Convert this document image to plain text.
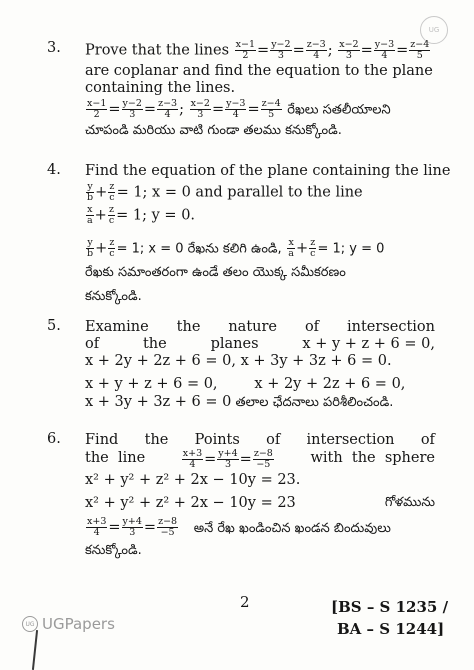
UG
3. Prove that the lines $\frac{x-1}{2} = \frac{y-2}{3} = \frac{z-3}{4}$ ; $\frac{x-2}{3} = \frac{y-3}{4} = \frac{z-4}{5}$
are coplanar and find the equation to the plane
containing the lines.
$\frac{x-1}{2} = \frac{y-2}{3} = \frac{z-3}{4}$ ; $\frac{x-2}{3} = \frac{y-3}{4} = \frac{z-4}{5}$ రేఖలు సతలీయాలని
చూపండి మరియు వాటి గుండా తలము కనుక్కోండి.
4. Find the equation of the plane containing the line
$\frac{y}{b} + \frac{z}{c} = 1$; x = 0 and parallel to the line
$\frac{x}{a} + \frac{z}{c} = 1$; y = 0.
$\frac{y}{b} + \frac{z}{c} = 1$; x = 0 రేఖను కలిగి ఉండి, $\frac{x}{a} + \frac{z}{c} = 1$; y = 0
రేఖకు సమాంతరంగా ఉండే తలం యొక్క సమీకరణం
కనుక్కోండి.
5. Examine the nature of intersection
of	the	planes	x + y + z + 6 = 0,
x + 2y + 2z + 6 = 0, x + 3y + 3z + 6 = 0.
x + y + z + 6 = 0,        x + 2y + 2z + 6 = 0,
x + 3y + 3z + 6 = 0 తలాల ఛేదనాలు పరిశీలించండి.
6. Find the Points of intersection of
the  line	$\frac{x+3}{4} = \frac{y+4}{3} = \frac{z-8}{-5}$	with  the  sphere
x² + y² + z² + 2x − 10y = 23.
x² + y² + z² + 2x − 10y = 23	గోళమును
$\frac{x+3}{4} = \frac{y+4}{3} = \frac{z-8}{-5}$ అనే రేఖ ఖండించిన ఖండన బిందువులు
కనుక్కోండి.
2	[BS – S 1235 /
BA – S 1244]
UG UGPapers
